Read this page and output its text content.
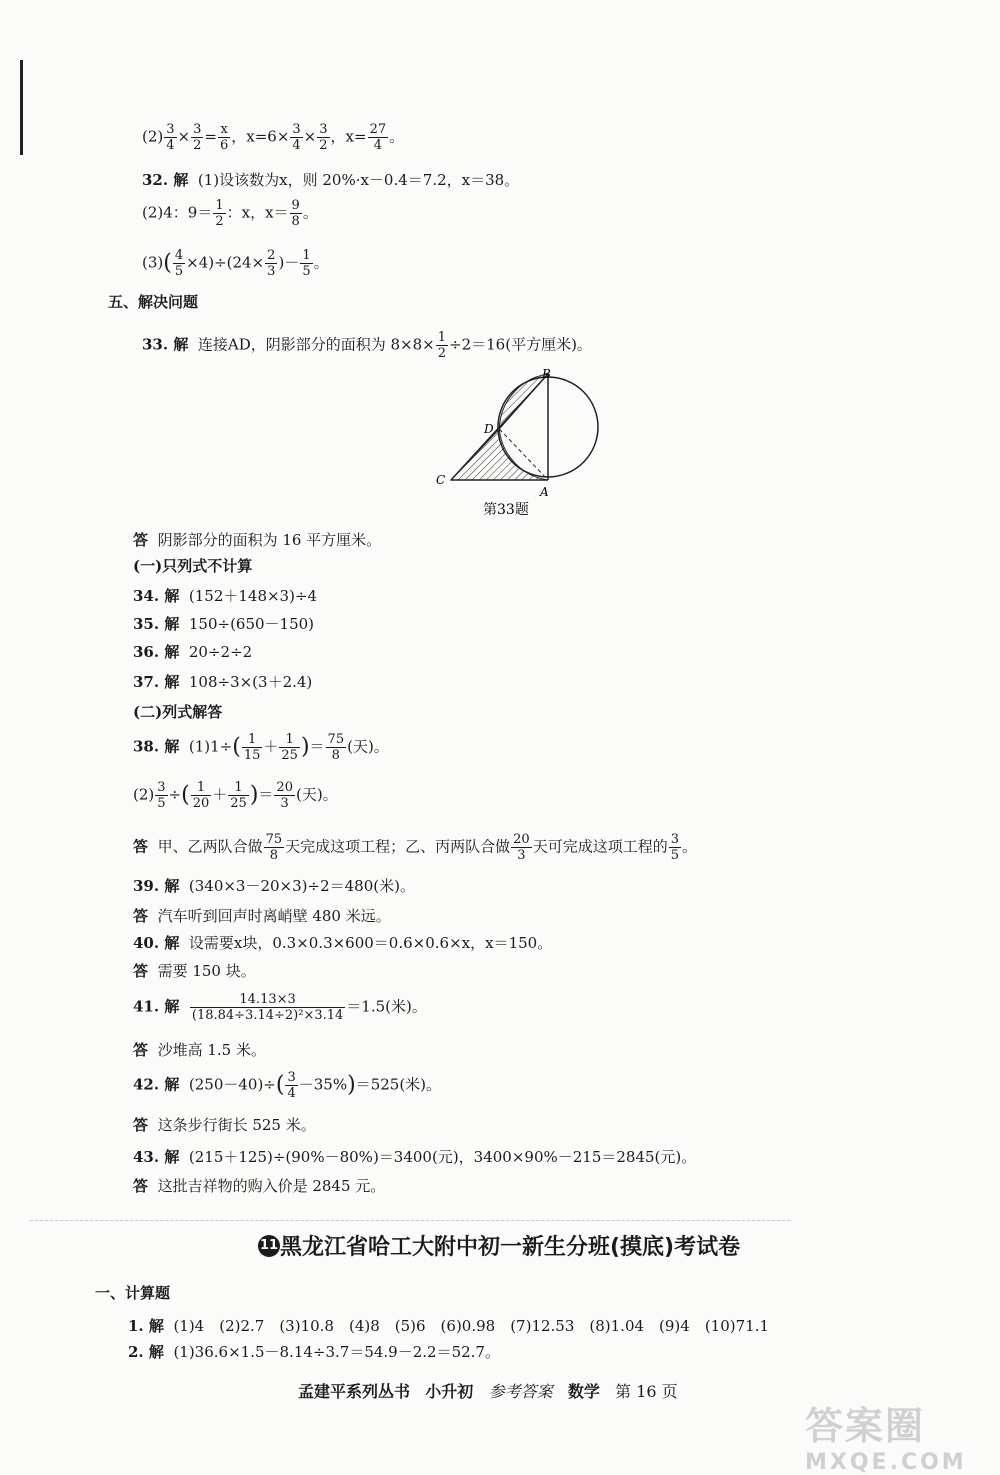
$(2) \frac{3}{4} \times \frac{3}{2} = \frac{x}{6}$ ，$x=6\times \frac{3}{4} \times \frac{3}{2}$ ，$x= \frac{27}{4}$ 。
32. 解 (1)设该数为x，则 20%·x－0.4＝7.2，x＝38。
(2)4：$9= \frac{1}{2}$ ：x，$x= \frac{9}{8}$ 。
$(3)( \frac{4}{5} \times 4)\div(24\times \frac{2}{3}$ )－ $\frac{1}{5}$ 。
五、解决问题
33. 解 连接AD，阴影部分的面积为 $8\times 8\times \frac{1}{2} \div 2=16$(平方厘米)。
B
D
C
A
第33题
答 阴影部分的面积为 16 平方厘米。
(一)只列式不计算
34. 解 (152＋148×3)÷4
35. 解 150÷(650－150)
36. 解 20÷2÷2
37. 解 108÷3×(3＋2.4)
(二)列式解答
38. 解 $(1)1\div( \frac{1}{15} + \frac{1}{25}$ )＝ $\frac{75}{8}$ (天)。
$(2) \frac{3}{5}$ ÷( $\frac{1}{20} + \frac{1}{25}$ )＝ $\frac{20}{3}$ (天)。
答 甲、乙两队合做 $\frac{75}{8}$ 天完成这项工程；乙、丙两队合做 $\frac{20}{3}$ 天可完成这项工程的 $\frac{3}{5}$ 。
39. 解 (340×3－20×3)÷2＝480(米)。
答 汽车听到回声时离峭壁 480 米远。
40. 解 设需要x块，0.3×0.3×600＝0.6×0.6×x，x＝150。
答 需要 150 块。
41. 解 $\frac{14.13\times 3}{\text{(18.84÷3.14÷2)²×3.14}} =1.5$(米)。
答 沙堆高 1.5 米。
42. 解 $(250-40)\div( \frac{3}{4} -35\%)=525$(米)。
答 这条步行街长 525 米。
43. 解 (215＋125)÷(90%－80%)＝3400(元)，3400×90%－215＝2845(元)。
答 这批吉祥物的购入价是 2845 元。
11黑龙江省哈工大附中初一新生分班(摸底)考试卷
一、计算题
1. 解 (1)4　(2)2.7　(3)10.8　(4)8　(5)6　(6)0.98　(7)12.53　(8)1.04　(9)4　(10)71.1
2. 解 (1)36.6×1.5－8.14÷3.7＝54.9－2.2＝52.7。
孟建平系列丛书 小升初 参考答案 数学 第 16 页
答案圈
MXQE.COM
